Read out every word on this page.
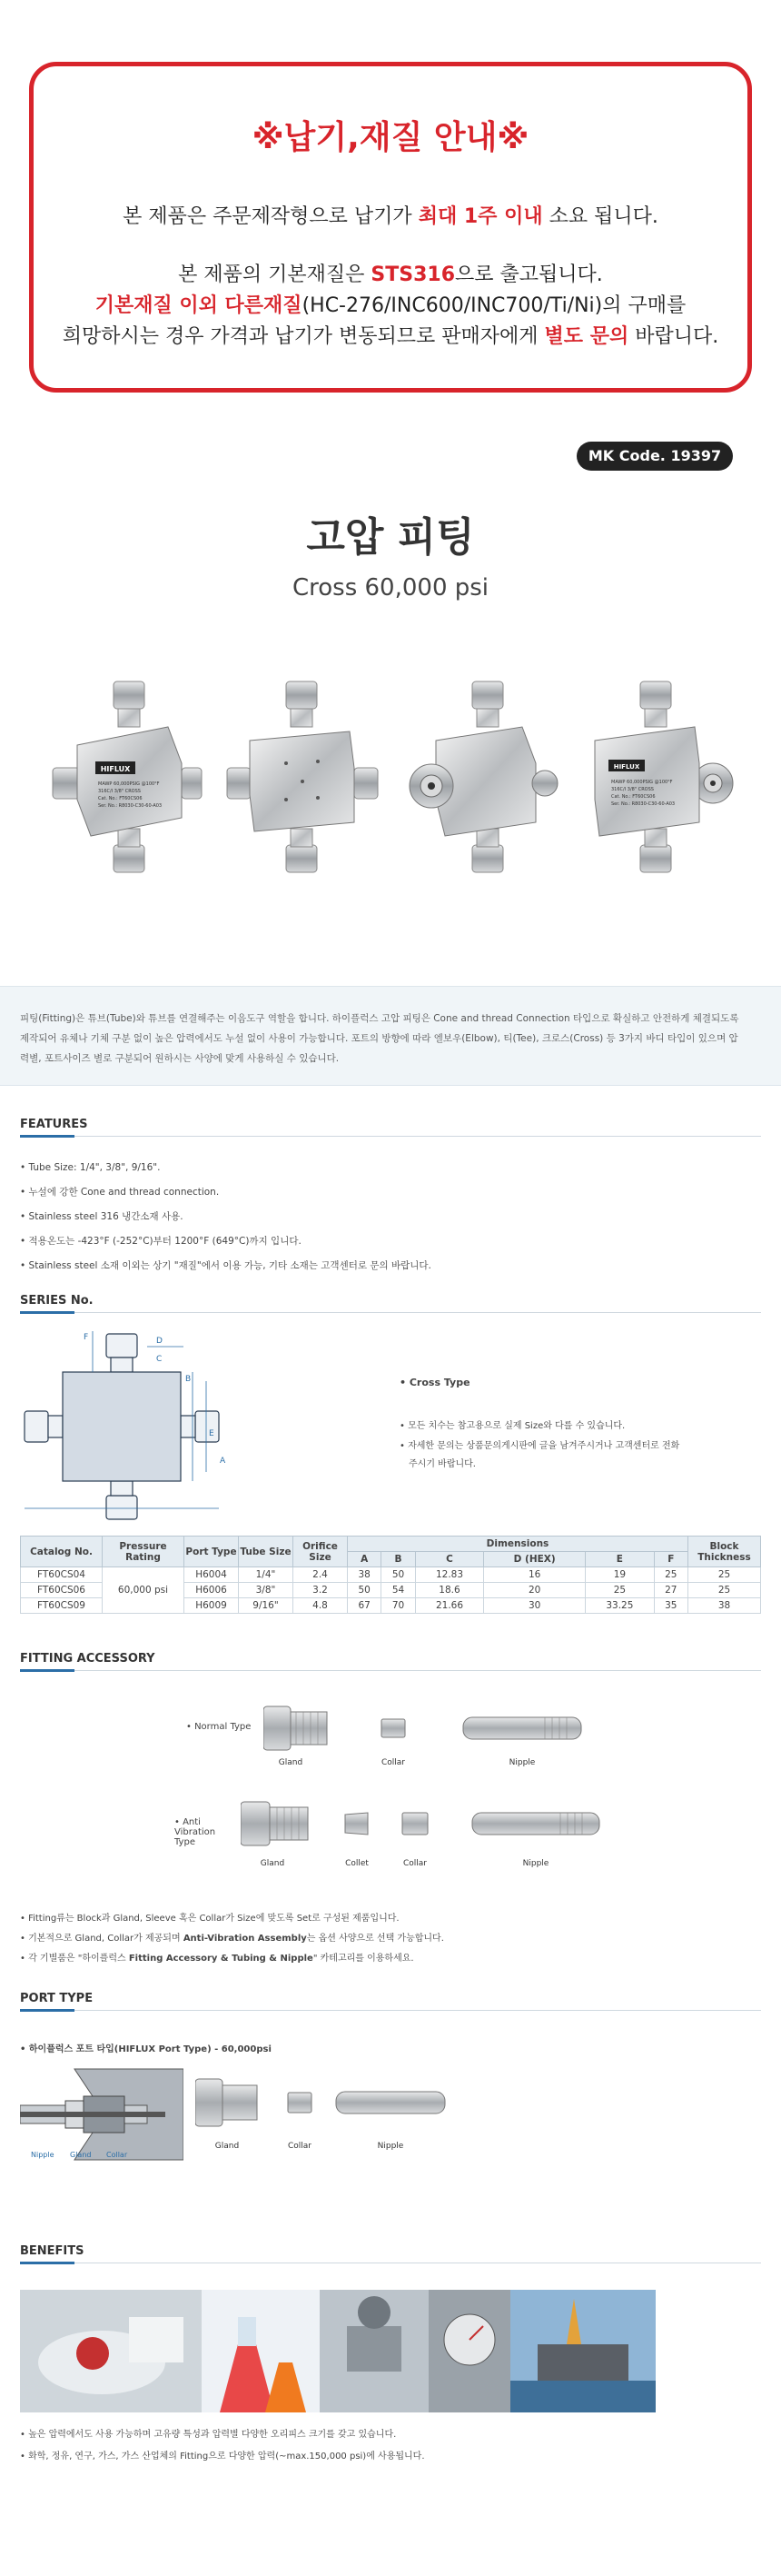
※납기,재질 안내※
본 제품은 주문제작형으로 납기가 최대 1주 이내 소요 됩니다.
본 제품의 기본재질은 STS316으로 출고됩니다.
기본재질 이외 다른재질(HC-276/INC600/INC700/Ti/Ni)의 구매를
희망하시는 경우 가격과 납기가 변동되므로 판매자에게 별도 문의 바랍니다.
MK Code. 19397
고압 피팅
Cross 60,000 psi
HIFLUX
MAWP 60,000PSIG @100°F
316C/I 3/8" CROSS
Cat. No.: FT60CS06
Ser. No.: R8030-C30-60-A03
HIFLUX
MAWP 60,000PSIG @100°F
316C/I 3/8" CROSS
Cat. No.: FT60CS06
Ser. No.: R8030-C30-60-A03
피팅(Fitting)은 튜브(Tube)와 튜브를 연결해주는 이음도구 역할을 합니다. 하이플럭스 고압 피팅은 Cone and thread Connection 타입으로 확실하고 안전하게 체결되도록
제작되어 유체나 기체 구분 없이 높은 압력에서도 누설 없이 사용이 가능합니다. 포트의 방향에 따라 엘보우(Elbow), 티(Tee), 크로스(Cross) 등 3가지 바디 타입이 있으며 압
력별, 포트사이즈 별로 구분되어 원하시는 사양에 맞게 사용하실 수 있습니다.
FEATURES
• Tube Size: 1/4", 3/8", 9/16".
• 누설에 강한 Cone and thread connection.
• Stainless steel 316 냉간소재 사용.
• 적용온도는 -423°F (-252°C)부터 1200°F (649°C)까지 입니다.
• Stainless steel 소재 이외는 상기 "재질"에서 이용 가능, 기타 소재는 고객센터로 문의 바랍니다.
SERIES No.
F	D
C
B
E
A
• Cross Type
• 모든 치수는 참고용으로 실제 Size와 다를 수 있습니다.
• 자세한 문의는 상품문의게시판에 글을 남겨주시거나 고객센터로 전화
주시기 바랍니다.
Catalog No.	Pressure Rating	Port Type	Tube Size	Orifice Size	Dimensions						Block Thickness
					A	B	C	D (HEX)	E	F	
FT60CS04	60,000 psi	H6004	1/4"	2.4	38	50	12.83	16	19	25	25
FT60CS06		H6006	3/8"	3.2	50	54	18.6	20	25	27	25
FT60CS09		H6009	9/16"	4.8	67	70	21.66	30	33.25	35	38
FITTING ACCESSORY
• Normal Type
Gland	Collar	Nipple
• Anti Vibration Type
Gland	Collet	Collar	Nipple
• Fitting류는 Block과 Gland, Sleeve 혹은 Collar가 Size에 맞도록 Set로 구성된 제품입니다.
• 기본적으로 Gland, Collar가 제공되며 Anti-Vibration Assembly는 옵션 사양으로 선택 가능합니다.
• 각 기별품은 "하이플럭스 Fitting Accessory & Tubing & Nipple" 카테고리를 이용하세요.
PORT TYPE
• 하이플럭스 포트 타입(HIFLUX Port Type) - 60,000psi
Nipple Gland Collar
Gland	Collar	Nipple
BENEFITS
• 높은 압력에서도 사용 가능하며 고유량 특성과 압력별 다양한 오리피스 크기를 갖고 있습니다.
• 화학, 정유, 연구, 가스, 가스 산업체의 Fitting으로 다양한 압력(~max.150,000 psi)에 사용됩니다.
